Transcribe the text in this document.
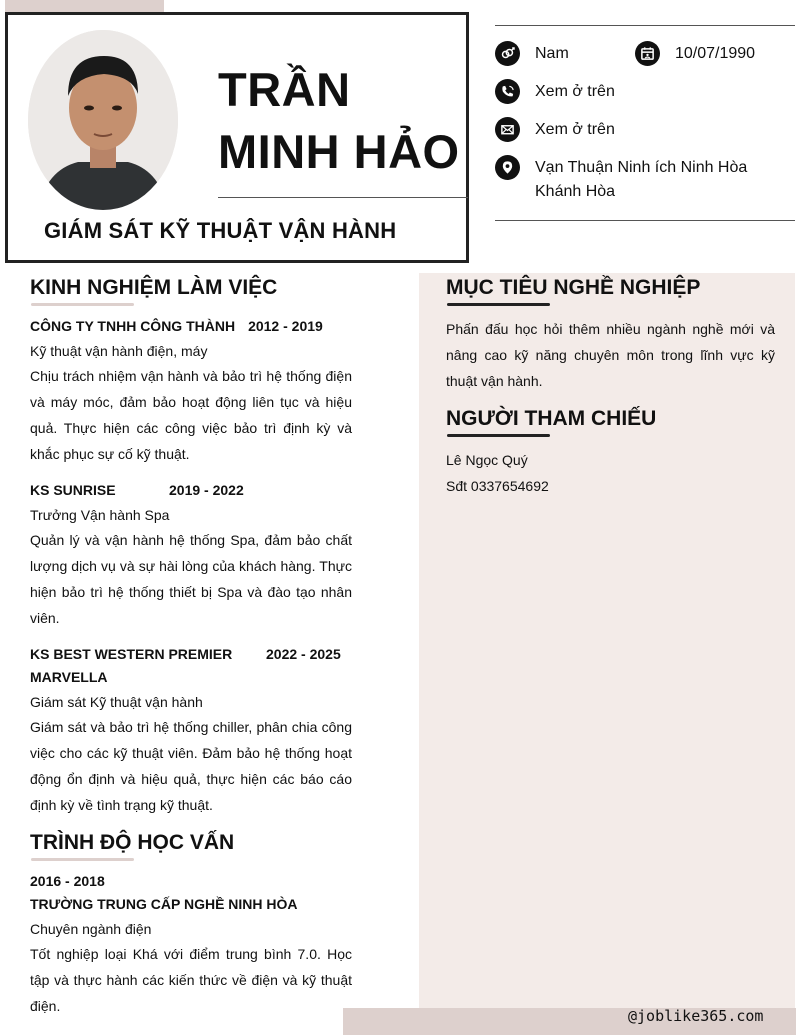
TRẦN
MINH HẢO
GIÁM SÁT KỸ THUẬT VẬN HÀNH
Nam	10/07/1990
Xem ở trên
Xem ở trên
Vạn Thuận Ninh ích Ninh Hòa
Khánh Hòa
KINH NGHIỆM LÀM VIỆC
CÔNG TY TNHH CÔNG THÀNH 2012 - 2019
Kỹ thuật vận hành điện, máy
Chịu trách nhiệm vận hành và bảo trì hệ thống điện và máy móc, đảm bảo hoạt động liên tục và hiệu quả. Thực hiện các công việc bảo trì định kỳ và khắc phục sự cố kỹ thuật.
KS SUNRISE	2019 - 2022
Trưởng Vận hành Spa
Quản lý và vận hành hệ thống Spa, đảm bảo chất lượng dịch vụ và sự hài lòng của khách hàng. Thực hiện bảo trì hệ thống thiết bị Spa và đào tạo nhân viên.
KS BEST WESTERN PREMIER MARVELLA
2022 - 2025
Giám sát Kỹ thuật vận hành
Giám sát và bảo trì hệ thống chiller, phân chia công việc cho các kỹ thuật viên. Đảm bảo hệ thống hoạt động ổn định và hiệu quả, thực hiện các báo cáo định kỳ về tình trạng kỹ thuật.
TRÌNH ĐỘ HỌC VẤN
2016 - 2018
TRƯỜNG TRUNG CẤP NGHỀ NINH HÒA
Chuyên ngành điện
Tốt nghiệp loại Khá với điểm trung bình 7.0. Học tập và thực hành các kiến thức về điện và kỹ thuật điện.
MỤC TIÊU NGHỀ NGHIỆP
Phấn đấu học hỏi thêm nhiều ngành nghề mới và nâng cao kỹ năng chuyên môn trong lĩnh vực kỹ thuật vận hành.
NGƯỜI THAM CHIẾU
Lê Ngọc Quý
Sđt 0337654692
@joblike365.com
